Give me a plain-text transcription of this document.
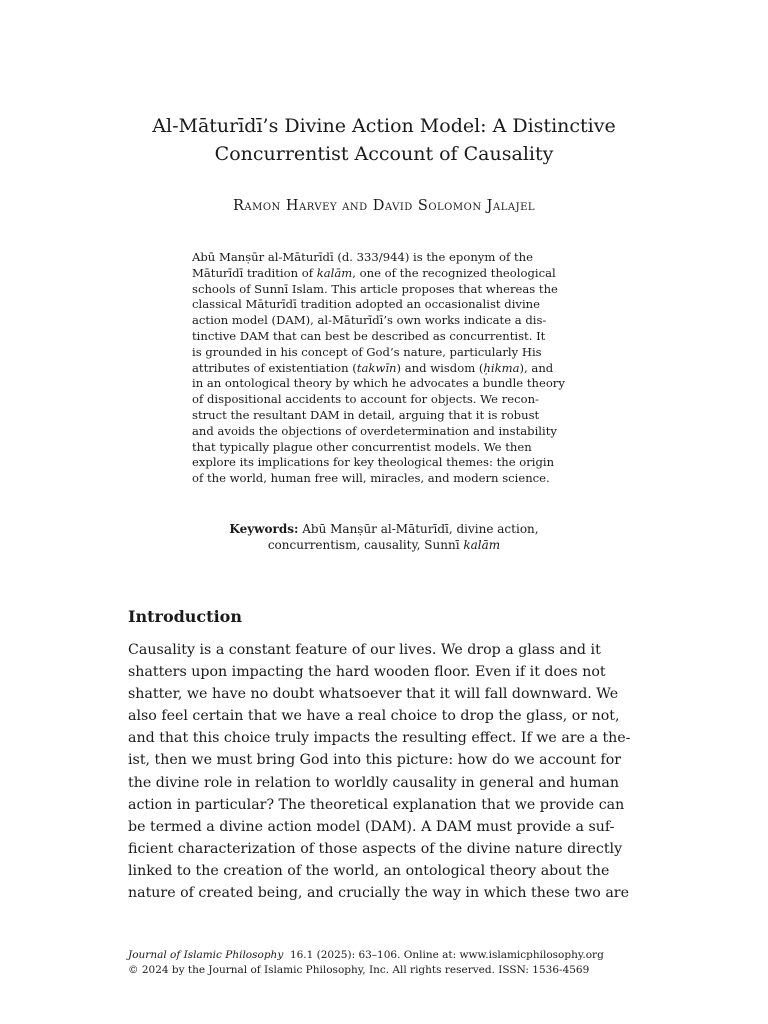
Al-Māturīdī’s Divine Action Model: A Distinctive
Concurrentist Account of Causality
Ramon Harvey and David Solomon Jalajel
Abū Manṣūr al-Māturīdī (d. 333/944) is the eponym of the
Māturīdī tradition of kalām, one of the recognized theological
schools of Sunnī Islam. This article proposes that whereas the
classical Māturīdī tradition adopted an occasionalist divine
action model (DAM), al-Māturīdī’s own works indicate a dis-
tinctive DAM that can best be described as concurrentist. It
is grounded in his concept of God’s nature, particularly His
attributes of existentiation (takwīn) and wisdom (ḥikma), and
in an ontological theory by which he advocates a bundle theory
of dispositional accidents to account for objects. We recon-
struct the resultant DAM in detail, arguing that it is robust
and avoids the objections of overdetermination and instability
that typically plague other concurrentist models. We then
explore its implications for key theological themes: the origin
of the world, human free will, miracles, and modern science.
Keywords: Abū Manṣūr al-Māturīdī, divine action,
concurrentism, causality, Sunnī kalām
Introduction
Causality is a constant feature of our lives. We drop a glass and it
shatters upon impacting the hard wooden floor. Even if it does not
shatter, we have no doubt whatsoever that it will fall downward. We
also feel certain that we have a real choice to drop the glass, or not,
and that this choice truly impacts the resulting effect. If we are a the-
ist, then we must bring God into this picture: how do we account for
the divine role in relation to worldly causality in general and human
action in particular? The theoretical explanation that we provide can
be termed a divine action model (DAM). A DAM must provide a suf-
ficient characterization of those aspects of the divine nature directly
linked to the creation of the world, an ontological theory about the
nature of created being, and crucially the way in which these two are
Journal of Islamic Philosophy  16.1 (2025): 63–106. Online at: www.islamicphilosophy.org
© 2024 by the Journal of Islamic Philosophy, Inc. All rights reserved. ISSN: 1536-4569
